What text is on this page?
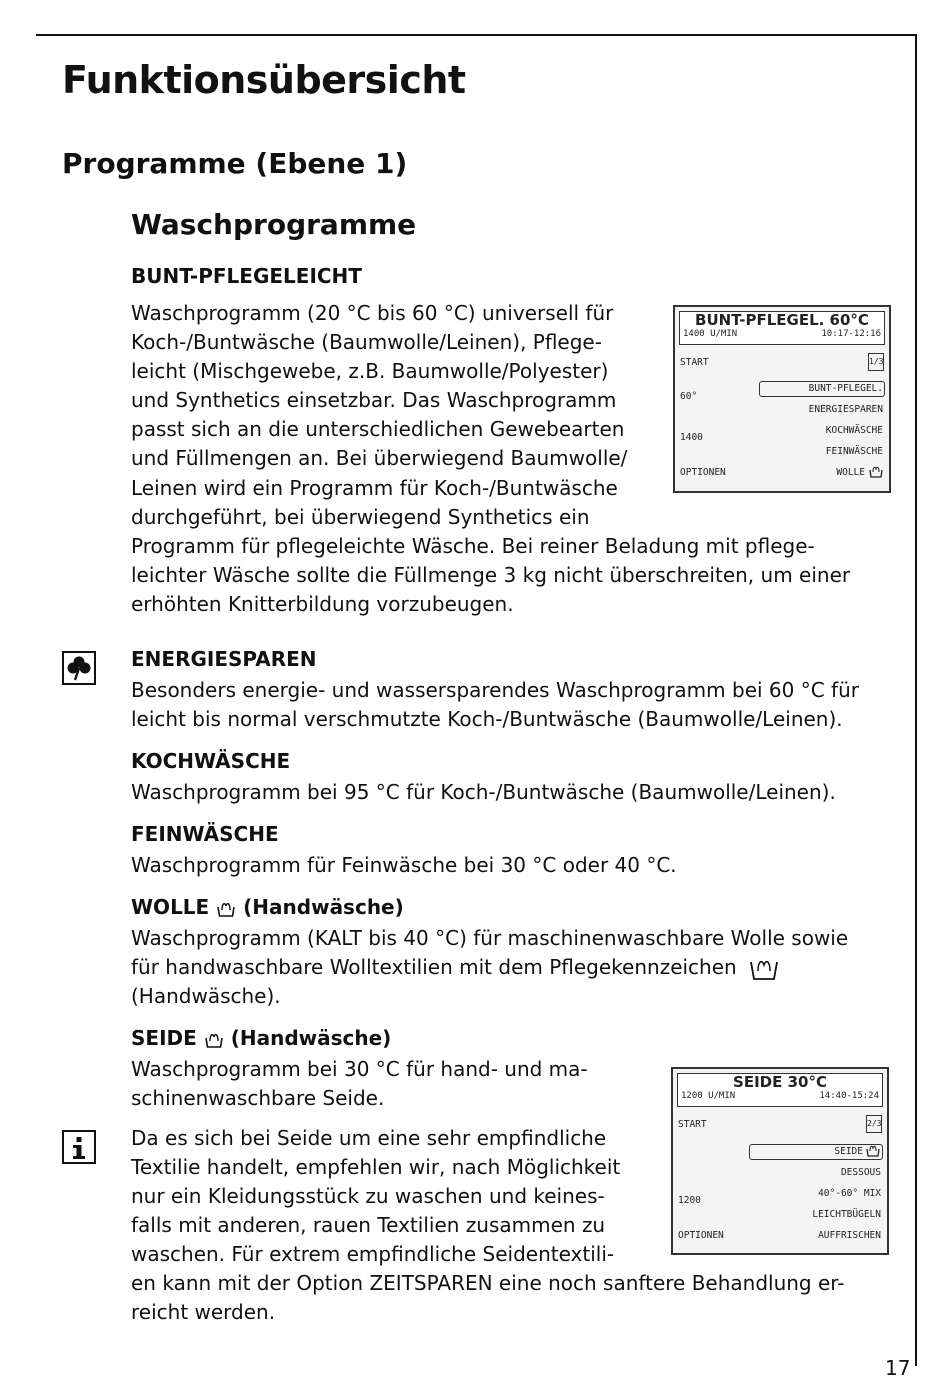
Funktionsübersicht
Programme (Ebene 1)
Waschprogramme
BUNT-PFLEGELEICHT
Waschprogramm (20 °C bis 60 °C) universell für
Koch-/Buntwäsche (Baumwolle/Leinen), Pflege-
leicht (Mischgewebe, z.B. Baumwolle/Polyester)
und Synthetics einsetzbar. Das Waschprogramm
passt sich an die unterschiedlichen Gewebearten
und Füllmengen an. Bei überwiegend Baumwolle/
Leinen wird ein Programm für Koch-/Buntwäsche
durchgeführt, bei überwiegend Synthetics ein
Programm für pflegeleichte Wäsche. Bei reiner Beladung mit pflege-
leichter Wäsche sollte die Füllmenge 3 kg nicht überschreiten, um einer
erhöhten Knitterbildung vorzubeugen.
BUNT-PFLEGEL. 60°C
1400 U/MIN	10:17-12:16
START	1/3
BUNT-PFLEGEL.
60°
ENERGIESPAREN
KOCHWÄSCHE
1400
FEINWÄSCHE
OPTIONEN	WOLLE
ENERGIESPAREN
Besonders energie- und wassersparendes Waschprogramm bei 60 °C für
leicht bis normal verschmutzte Koch-/Buntwäsche (Baumwolle/Leinen).
KOCHWÄSCHE
Waschprogramm bei 95 °C für Koch-/Buntwäsche (Baumwolle/Leinen).
FEINWÄSCHE
Waschprogramm für Feinwäsche bei 30 °C oder 40 °C.
WOLLE (Handwäsche)
Waschprogramm (KALT bis 40 °C) für maschinenwaschbare Wolle sowie
für handwaschbare Wolltextilien mit dem Pflegekennzeichen
(Handwäsche).
SEIDE (Handwäsche)
Waschprogramm bei 30 °C für hand- und ma-
schinenwaschbare Seide.
Da es sich bei Seide um eine sehr empfindliche
Textilie handelt, empfehlen wir, nach Möglichkeit
nur ein Kleidungsstück zu waschen und keines-
falls mit anderen, rauen Textilien zusammen zu
waschen. Für extrem empfindliche Seidentextili-
en kann mit der Option ZEITSPAREN eine noch sanftere Behandlung er-
reicht werden.
SEIDE 30°C
1200 U/MIN	14:40-15:24
START	2/3
SEIDE
DESSOUS
40°-60° MIX
1200
LEICHTBÜGELN
OPTIONEN	AUFFRISCHEN
17
